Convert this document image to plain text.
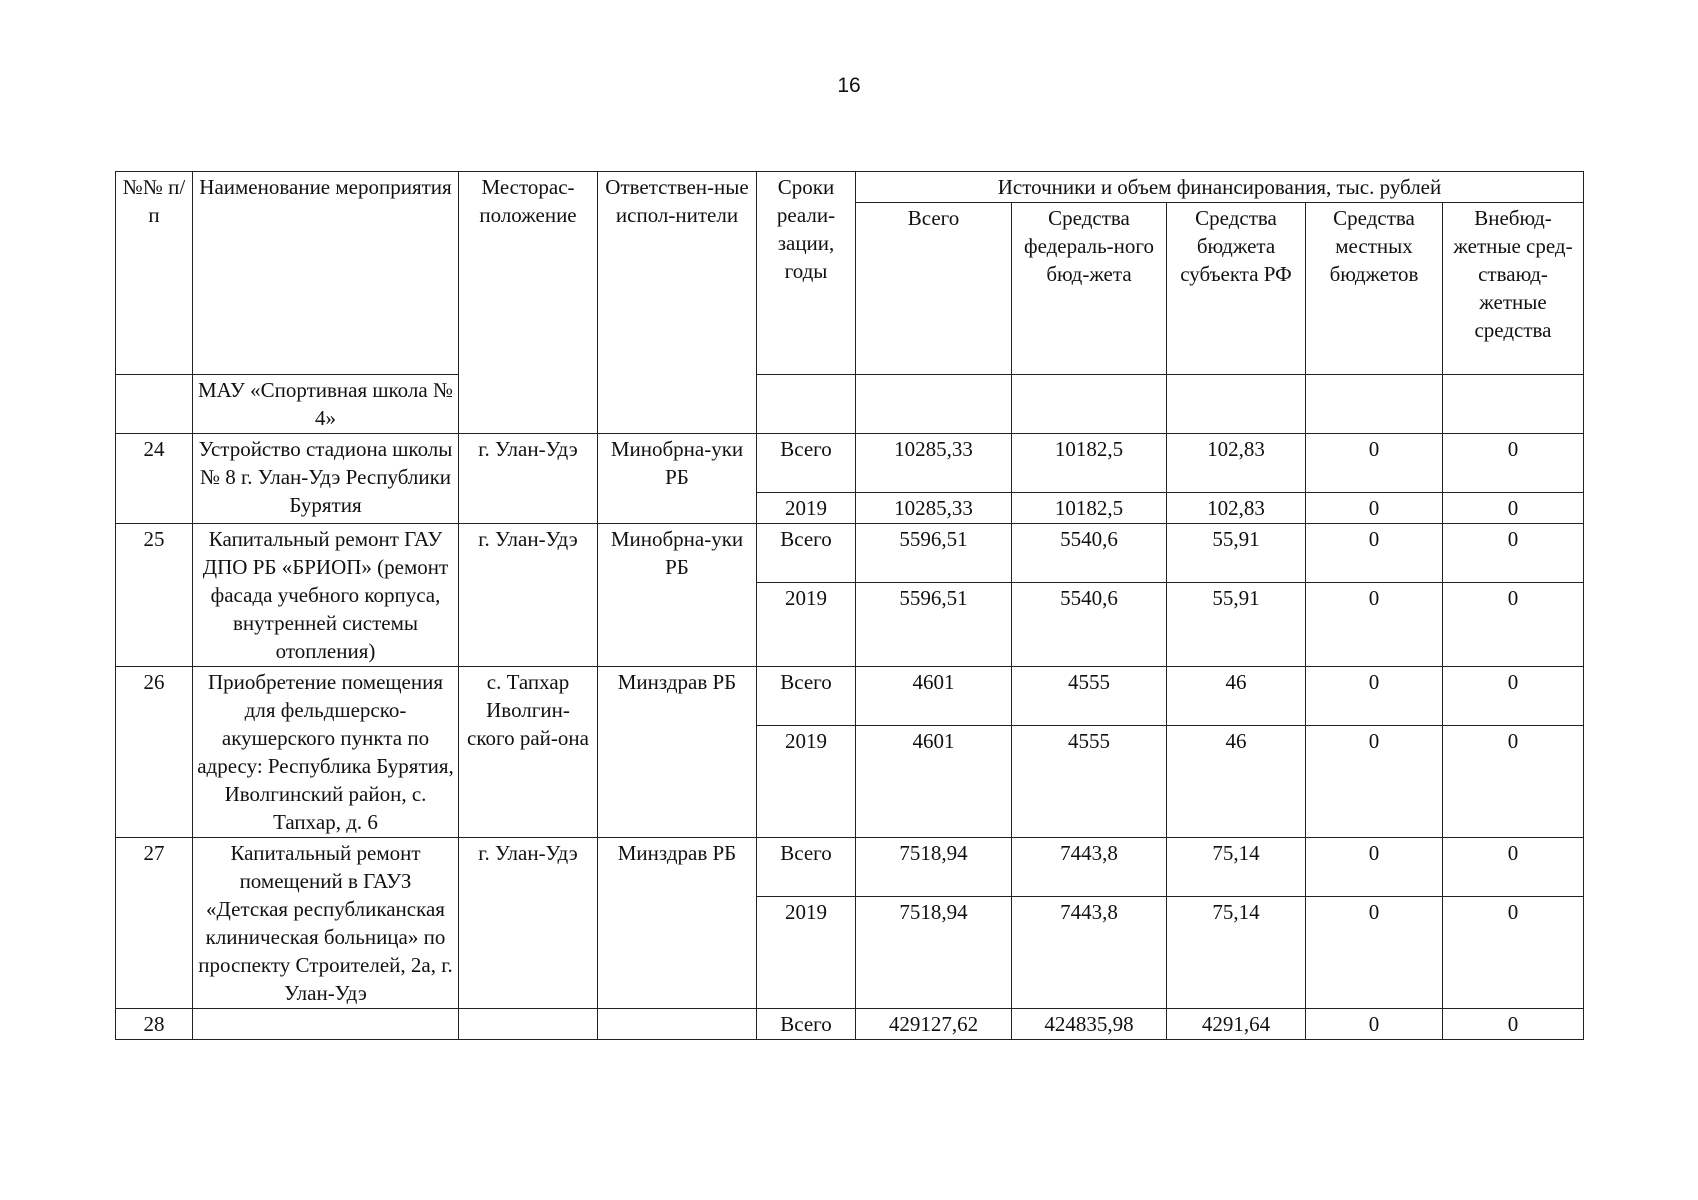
16
№№ п/п	Наименование мероприятия	Месторас-положение	Ответствен-ные испол-нители	Сроки реали-зации, годы	Источники и объем финансирования, тыс. рублей				
					Всего	Средства федераль-ного бюд-жета	Средства бюджета субъекта РФ	Средства местных бюджетов	Внебюд-жетные сред-стваюд-жетные средства
	МАУ «Спортивная школа № 4»								
24	Устройство стадиона школы № 8 г. Улан-Удэ Республики Бурятия	г. Улан-Удэ	Минобрна-уки РБ	Всего	10285,33	10182,5	102,83	0	0
				2019	10285,33	10182,5	102,83	0	0
25	Капитальный ремонт ГАУ ДПО РБ «БРИОП» (ремонт фасада учебного корпуса, внутренней системы отопления)	г. Улан-Удэ	Минобрна-уки РБ	Всего	5596,51	5540,6	55,91	0	0
				2019	5596,51	5540,6	55,91	0	0
26	Приобретение помещения для фельдшерско-акушерского пункта по адресу: Республика Бурятия, Иволгинский район, с. Тапхар, д. 6	с. Тапхар Иволгин-ского рай-она	Минздрав РБ	Всего	4601	4555	46	0	0
				2019	4601	4555	46	0	0
27	Капитальный ремонт помещений в ГАУЗ «Детская республиканская клиническая больница» по проспекту Строителей, 2а, г. Улан-Удэ	г. Улан-Удэ	Минздрав РБ	Всего	7518,94	7443,8	75,14	0	0
				2019	7518,94	7443,8	75,14	0	0
28				Всего	429127,62	424835,98	4291,64	0	0
